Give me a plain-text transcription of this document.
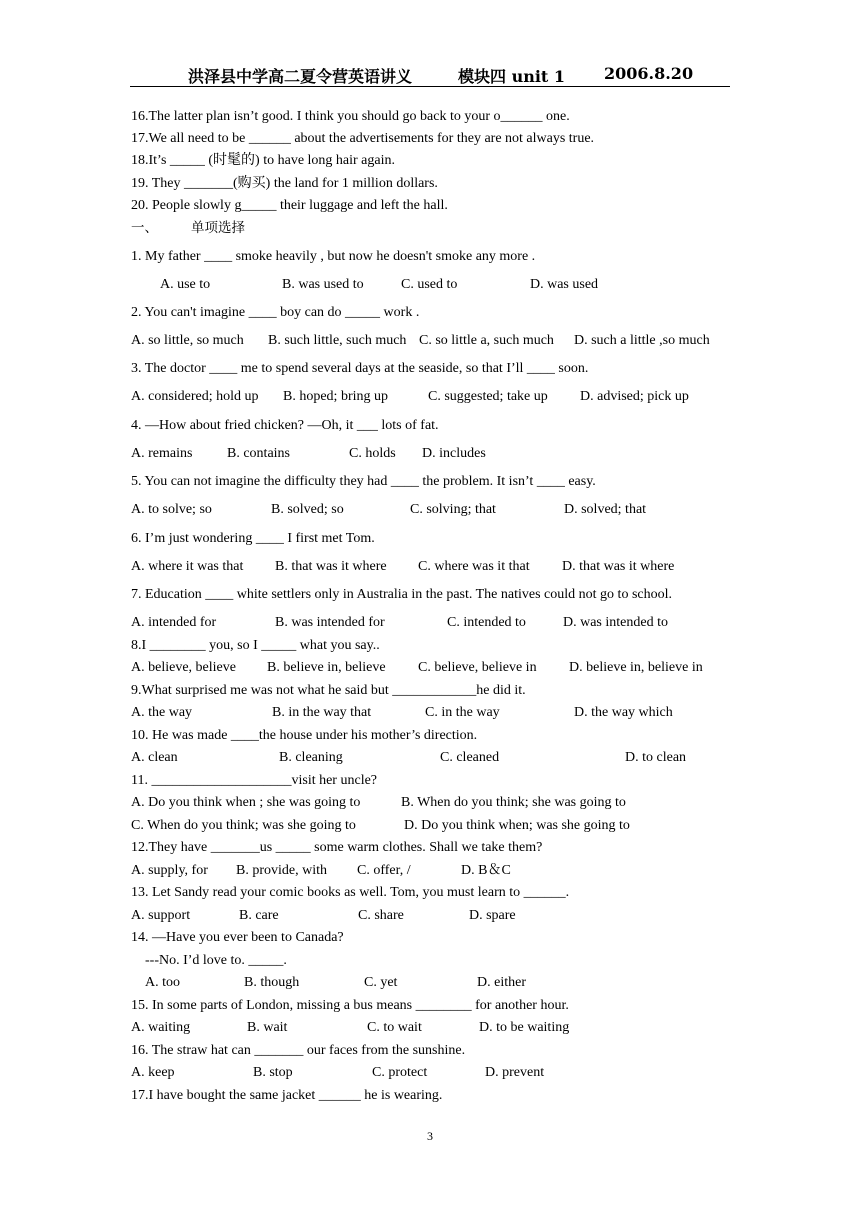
洪泽县中学高二夏令营英语讲义	模块四 unit 1 2006.8.20
16.The latter plan isn’t good. I think you should go back to your o______ one.
17.We all need to be ______ about the advertisements for they are not always true.
18.It’s _____ (时髦的) to have long hair again.
19. They _______(购买) the land for 1 million dollars.
20. People slowly g_____ their luggage and left the hall.
一、 单项选择
1. My father ____ smoke heavily , but now he doesn't smoke any more .
A. use to	B. was used to	C. used to	D. was used
2. You can't imagine ____ boy can do _____ work .
A. so little, so much B. such little, such much C. so little a, such much D. such a little ,so much
3. The doctor ____ me to spend several days at the seaside, so that I’ll ____ soon.
A. considered; hold up B. hoped; bring up	C. suggested; take up D. advised; pick up
4. —How about fried chicken? —Oh, it ___ lots of fat.
A. remains B. contains	C. holds D. includes
5. You can not imagine the difficulty they had ____ the problem. It isn’t ____ easy.
A. to solve; so	B. solved; so	C. solving; that	D. solved; that
6. I’m just wondering ____ I first met Tom.
A. where it was that B. that was it where C. where was it that D. that was it where
7. Education ____ white settlers only in Australia in the past. The natives could not go to school.
A. intended for	B. was intended for	C. intended to	D. was intended to
8.I ________ you, so I _____ what you say..
A. believe, believe B. believe in, believe C. believe, believe in D. believe in, believe in
9.What surprised me was not what he said but ____________he did it.
A. the way	B. in the way that	C. in the way	D. the way which
10. He was made ____the house under his mother’s direction.
A. clean	B. cleaning	C. cleaned	D. to clean
11. ____________________visit her uncle?
A. Do you think when ; she was going to	B. When do you think; she was going to
C. When do you think; was she going to	D. Do you think when; was she going to
12.They have _______us _____ some warm clothes. Shall we take them?
A. supply, for B. provide, with C. offer, /	D. B＆C
13. Let Sandy read your comic books as well. Tom, you must learn to ______.
A. support	B. care	C. share	D. spare
14. —Have you ever been to Canada?
---No. I’d love to. _____.
A. too	B. though	C. yet	D. either
15. In some parts of London, missing a bus means ________ for another hour.
A. waiting	B. wait	C. to wait	D. to be waiting
16. The straw hat can _______ our faces from the sunshine.
A. keep	B. stop	C. protect	D. prevent
17.I have bought the same jacket ______ he is wearing.
3
